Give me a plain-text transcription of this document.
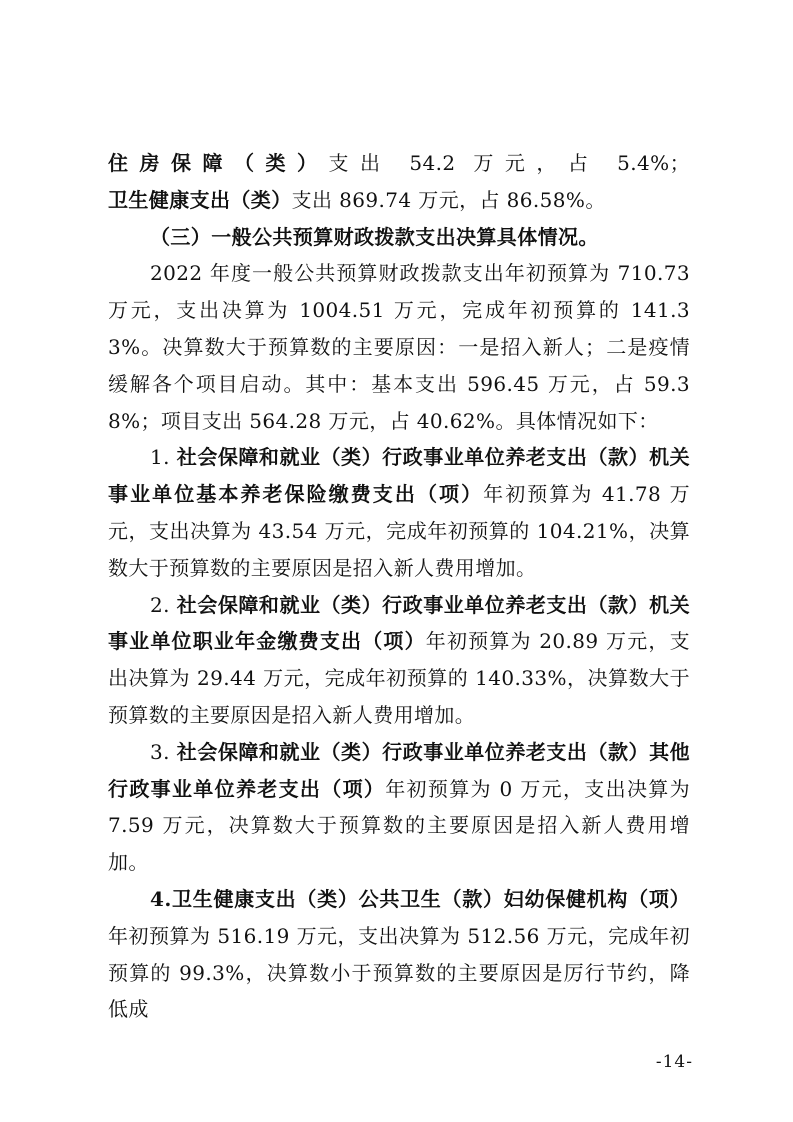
住房保障（类）支出 54.2 万元，占 5.4%；卫生健康支出（类）支出 869.74 万元，占 86.58%。

（三）一般公共预算财政拨款支出决算具体情况。

2022 年度一般公共预算财政拨款支出年初预算为 710.73 万元，支出决算为 1004.51 万元，完成年初预算的 141.33%。决算数大于预算数的主要原因：一是招入新人；二是疫情缓解各个项目启动。其中：基本支出 596.45 万元，占 59.38%；项目支出 564.28 万元，占 40.62%。具体情况如下：

1. 社会保障和就业（类）行政事业单位养老支出（款）机关事业单位基本养老保险缴费支出（项）年初预算为 41.78 万元，支出决算为 43.54 万元，完成年初预算的 104.21%，决算数大于预算数的主要原因是招入新人费用增加。

2. 社会保障和就业（类）行政事业单位养老支出（款）机关事业单位职业年金缴费支出（项）年初预算为 20.89 万元，支出决算为 29.44 万元，完成年初预算的 140.33%，决算数大于预算数的主要原因是招入新人费用增加。

3. 社会保障和就业（类）行政事业单位养老支出（款）其他行政事业单位养老支出（项）年初预算为 0 万元，支出决算为 7.59 万元，决算数大于预算数的主要原因是招入新人费用增加。

4.卫生健康支出（类）公共卫生（款）妇幼保健机构（项）年初预算为 516.19 万元，支出决算为 512.56 万元，完成年初预算的 99.3%，决算数小于预算数的主要原因是厉行节约，降低成

-14-
